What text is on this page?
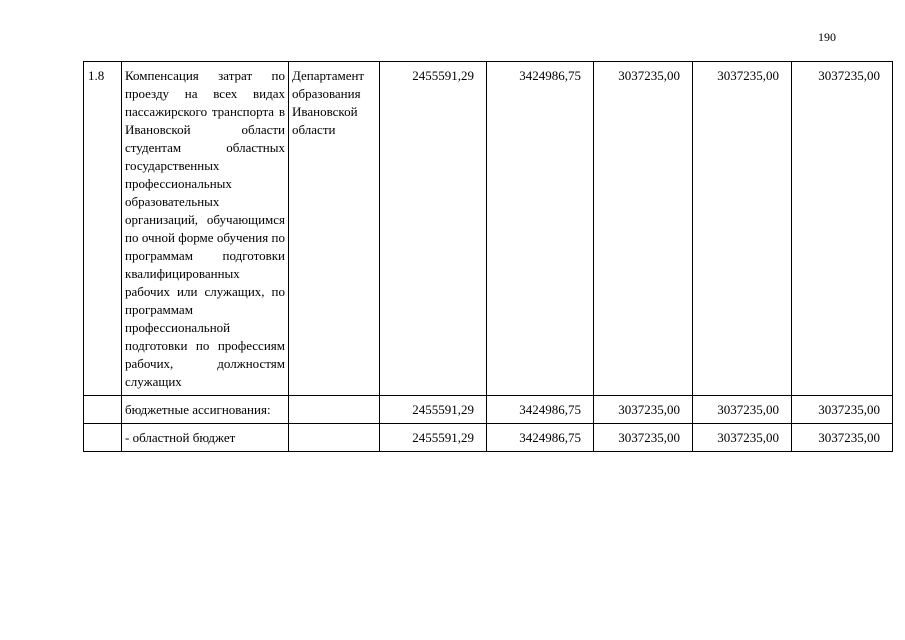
190
1.8	Компенсация затрат по проезду на всех видах пассажирского транспорта в Ивановской области студентам областных государственных профессиональных образовательных организаций, обучающимся по очной форме обучения по программам подготовки квалифицированных рабочих или служащих, по программам профессиональной подготовки по профессиям рабочих, должностям служащих	Департамент образования Ивановской области	2455591,29	3424986,75	3037235,00	3037235,00	3037235,00
	бюджетные ассигнования:		2455591,29	3424986,75	3037235,00	3037235,00	3037235,00
	- областной бюджет		2455591,29	3424986,75	3037235,00	3037235,00	3037235,00
